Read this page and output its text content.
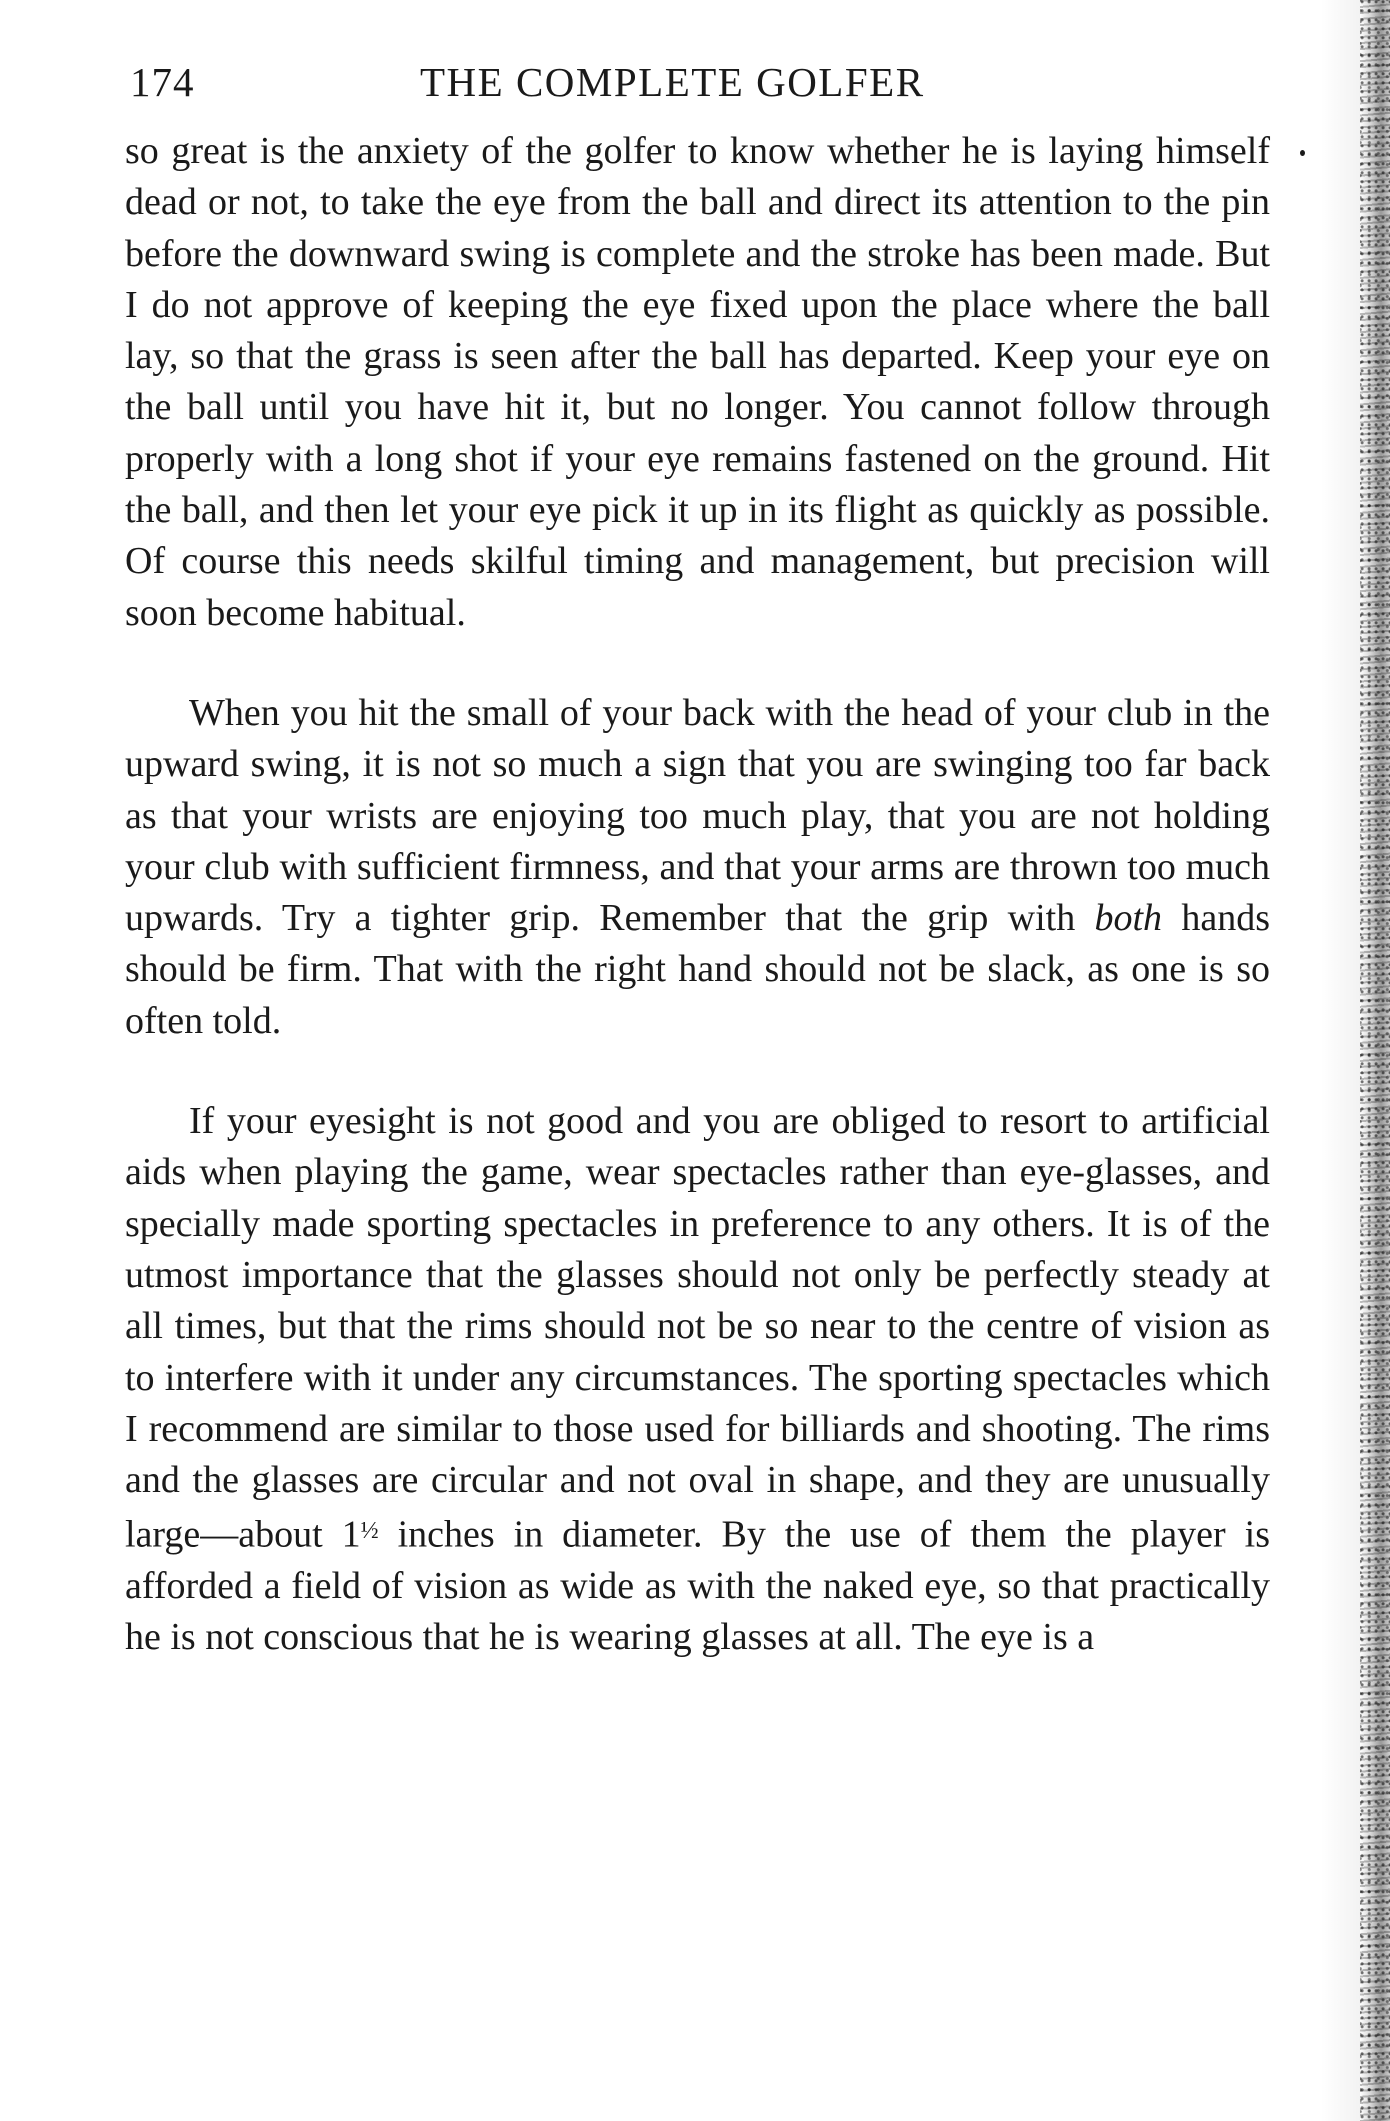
174	THE COMPLETE GOLFER

so great is the anxiety of the golfer to know whether he is laying himself dead or not, to take the eye from the ball and direct its attention to the pin before the downward swing is complete and the stroke has been made. But I do not approve of keeping the eye fixed upon the place where the ball lay, so that the grass is seen after the ball has departed. Keep your eye on the ball until you have hit it, but no longer. You cannot follow through properly with a long shot if your eye remains fastened on the ground. Hit the ball, and then let your eye pick it up in its flight as quickly as possible. Of course this needs skilful timing and management, but precision will soon become habitual.

When you hit the small of your back with the head of your club in the upward swing, it is not so much a sign that you are swinging too far back as that your wrists are enjoying too much play, that you are not holding your club with sufficient firmness, and that your arms are thrown too much upwards. Try a tighter grip. Remember that the grip with both hands should be firm. That with the right hand should not be slack, as one is so often told.

If your eyesight is not good and you are obliged to resort to artificial aids when playing the game, wear spectacles rather than eye-glasses, and specially made sporting spectacles in preference to any others. It is of the utmost importance that the glasses should not only be perfectly steady at all times, but that the rims should not be so near to the centre of vision as to interfere with it under any circumstances. The sporting spectacles which I recommend are similar to those used for billiards and shooting. The rims and the glasses are circular and not oval in shape, and they are unusually large—about $1^{\frac{1}{2}}$ inches in diameter. By the use of them the player is afforded a field of vision as wide as with the naked eye, so that practically he is not conscious that he is wearing glasses at all. The eye is a
